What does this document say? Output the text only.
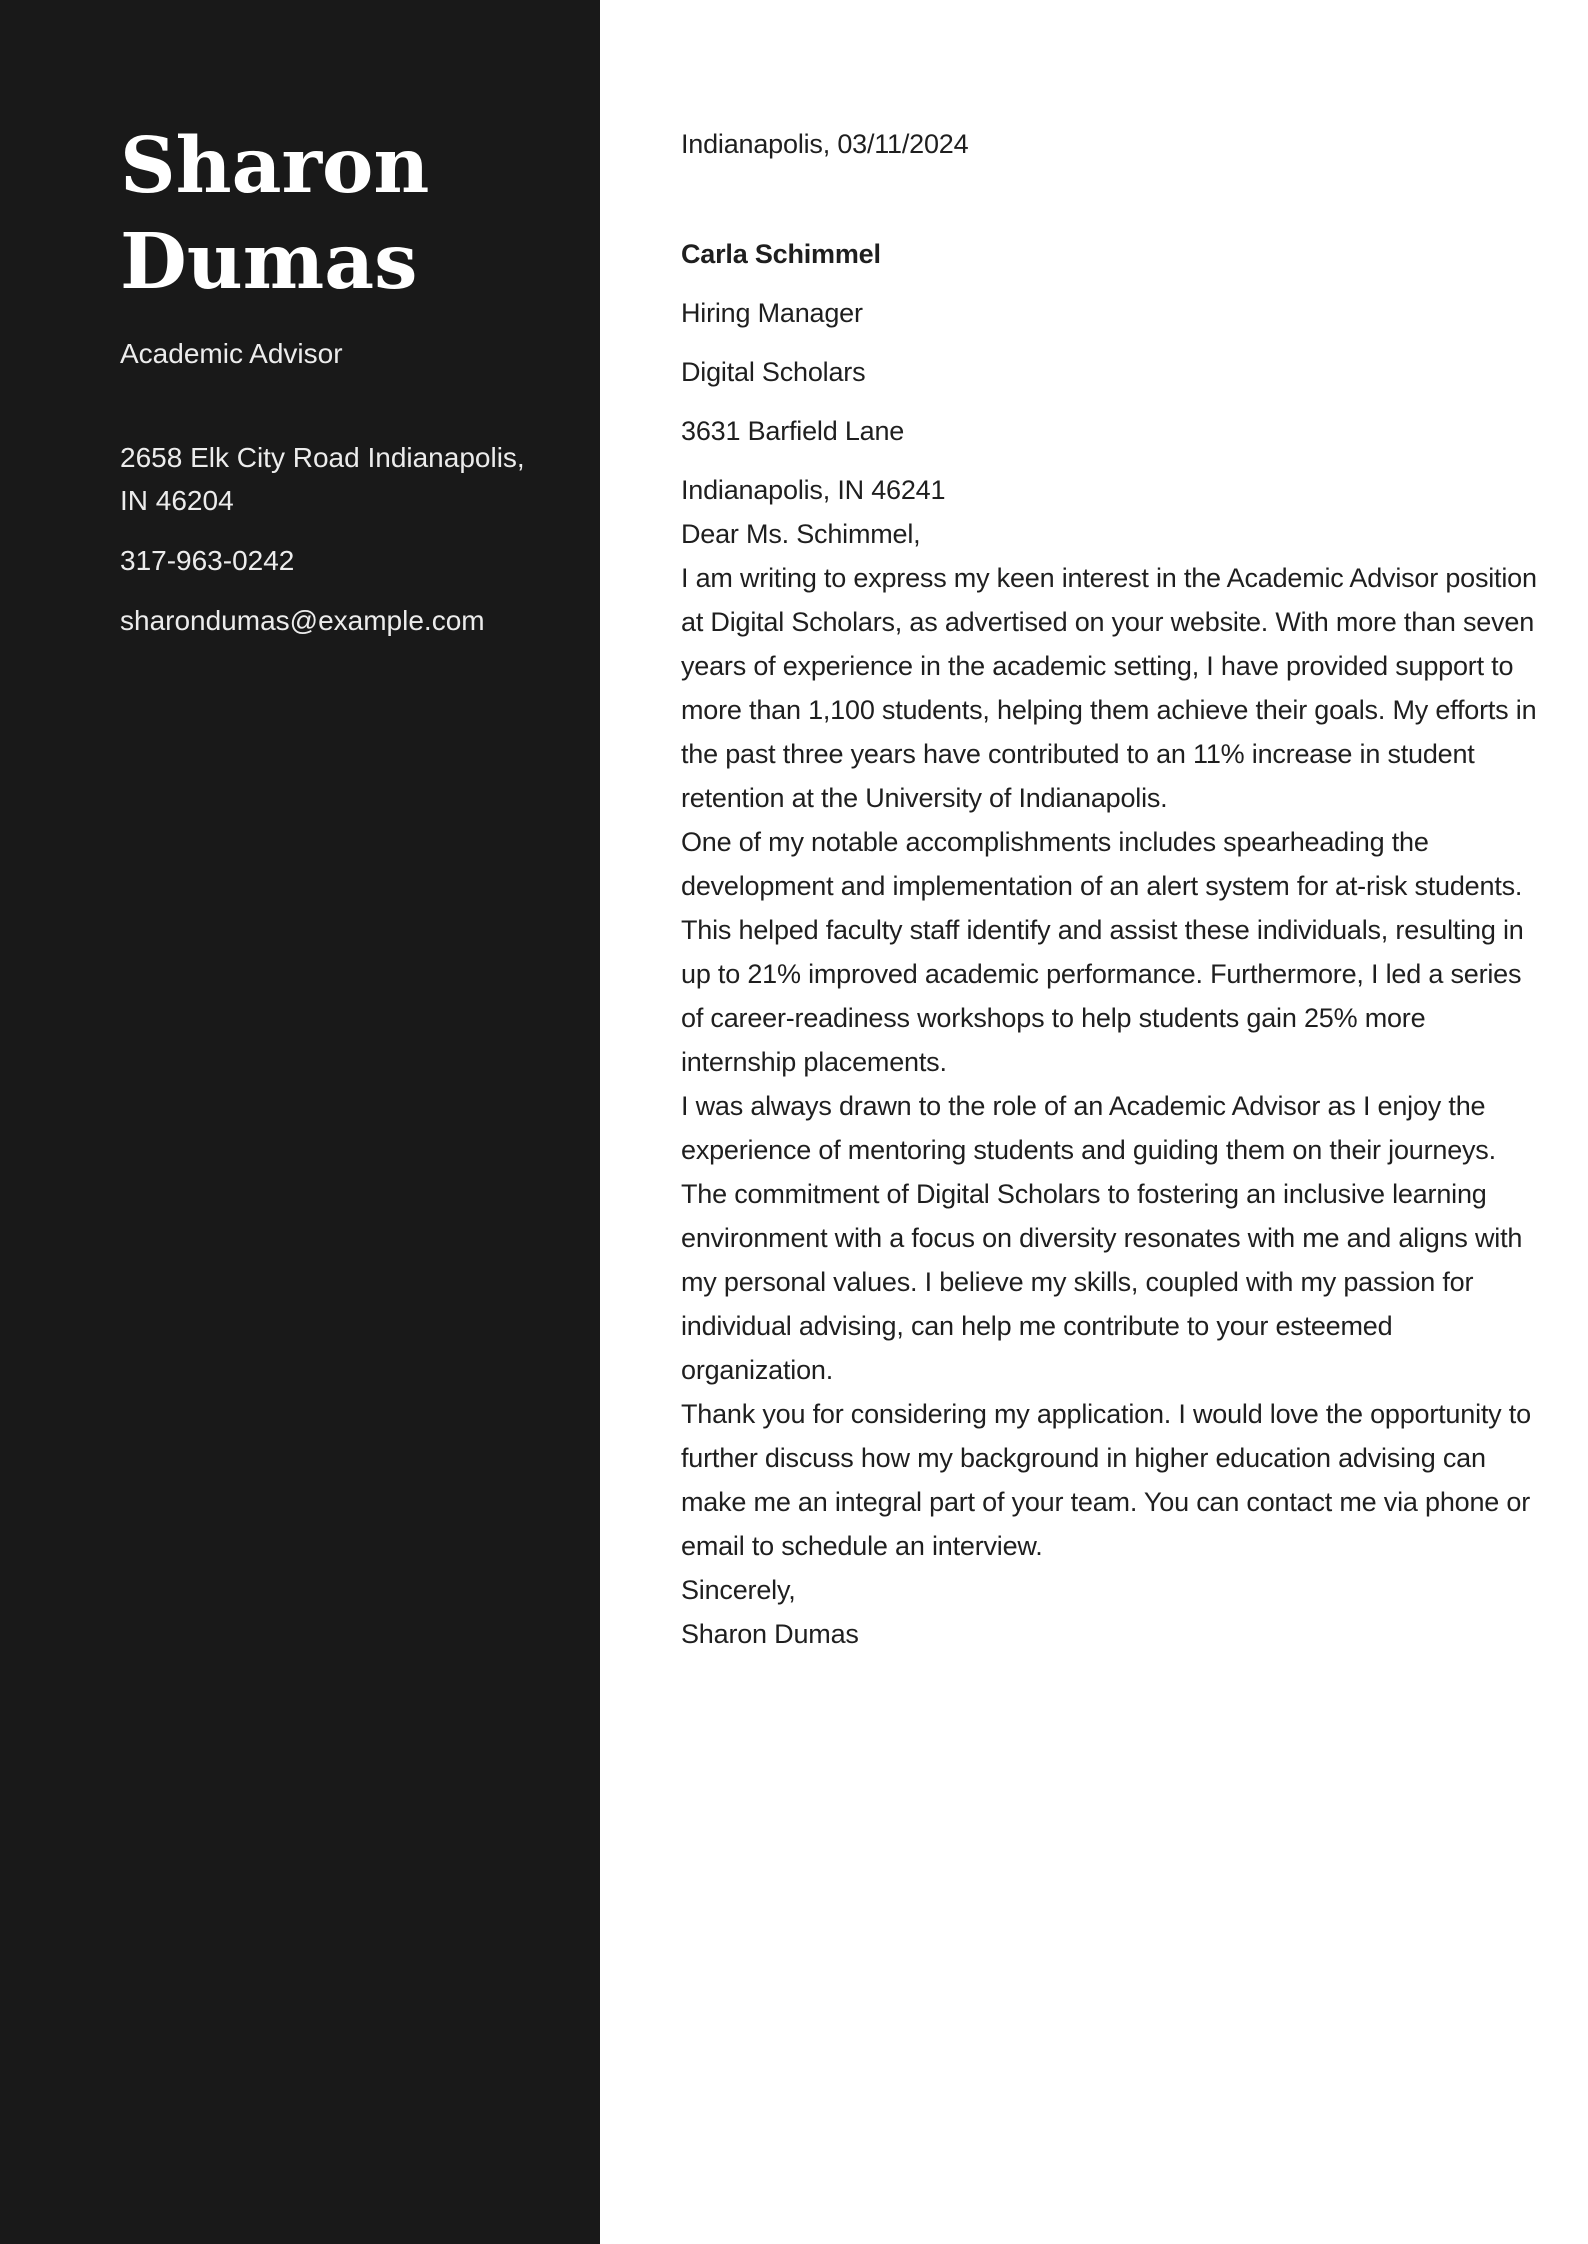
Sharon
Dumas
Academic Advisor
2658 Elk City Road Indianapolis,
IN 46204
317-963-0242
sharondumas@example.com

Indianapolis, 03/11/2024

Carla Schimmel

Hiring Manager

Digital Scholars

3631 Barfield Lane

Indianapolis, IN 46241

Dear Ms. Schimmel,

I am writing to express my keen interest in the Academic Advisor position at Digital Scholars, as advertised on your website. With more than seven years of experience in the academic setting, I have provided support to more than 1,100 students, helping them achieve their goals. My efforts in the past three years have contributed to an 11% increase in student retention at the University of Indianapolis.

One of my notable accomplishments includes spearheading the development and implementation of an alert system for at-risk students. This helped faculty staff identify and assist these individuals, resulting in up to 21% improved academic performance. Furthermore, I led a series of career-readiness workshops to help students gain 25% more internship placements.

I was always drawn to the role of an Academic Advisor as I enjoy the experience of mentoring students and guiding them on their journeys. The commitment of Digital Scholars to fostering an inclusive learning environment with a focus on diversity resonates with me and aligns with my personal values. I believe my skills, coupled with my passion for individual advising, can help me contribute to your esteemed organization.

Thank you for considering my application. I would love the opportunity to further discuss how my background in higher education advising can make me an integral part of your team. You can contact me via phone or email to schedule an interview.

Sincerely,

Sharon Dumas
